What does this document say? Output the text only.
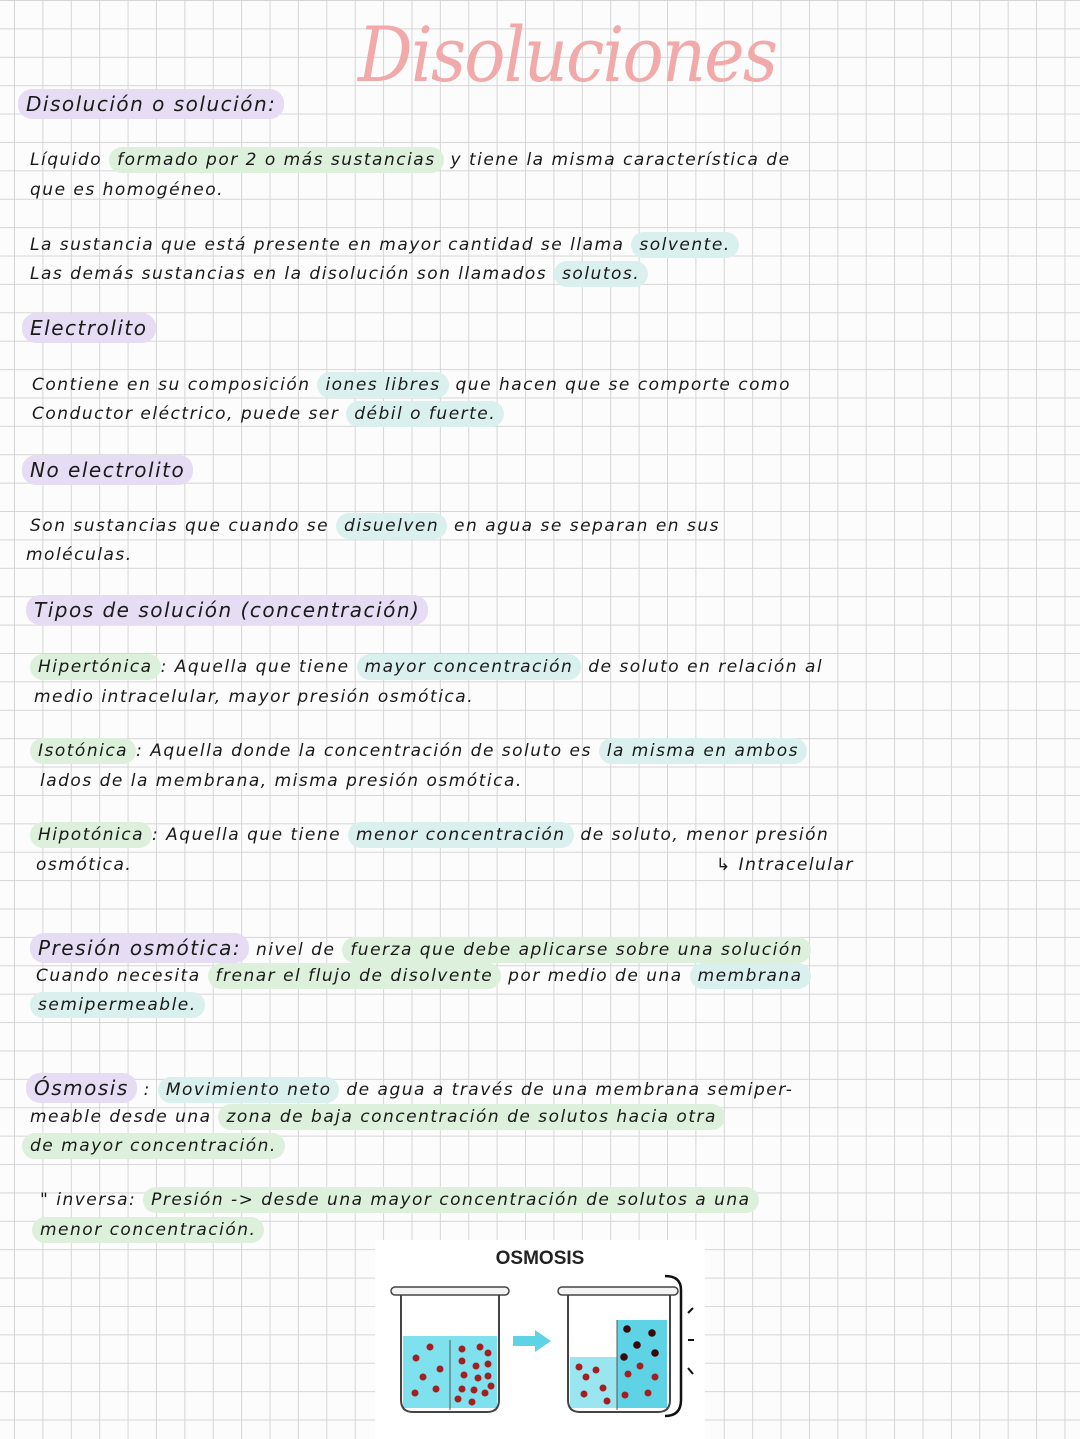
Disoluciones
Disolución o solución:
Líquido formado por 2 o más sustancias y tiene la misma característica de
que es homogéneo.
La sustancia que está presente en mayor cantidad se llama solvente.
Las demás sustancias en la disolución son llamados solutos.
Electrolito
Contiene en su composición iones libres que hacen que se comporte como
Conductor eléctrico, puede ser débil o fuerte.
No electrolito
Son sustancias que cuando se disuelven en agua se separan en sus
moléculas.
Tipos de solución (concentración)
Hipertónica : Aquella que tiene mayor concentración de soluto en relación al
medio intracelular, mayor presión osmótica.
Isotónica : Aquella donde la concentración de soluto es la misma en ambos
lados de la membrana, misma presión osmótica.
Hipotónica : Aquella que tiene menor concentración de soluto, menor presión
osmótica.	↳ Intracelular
Presión osmótica: nivel de fuerza que debe aplicarse sobre una solución
Cuando necesita frenar el flujo de disolvente por medio de una membrana
semipermeable.
Ósmosis : Movimiento neto de agua a través de una membrana semiper-
meable desde una zona de baja concentración de solutos hacia otra
de mayor concentración.
" inversa: Presión -> desde una mayor concentración de solutos a una
menor concentración.
OSMOSIS
